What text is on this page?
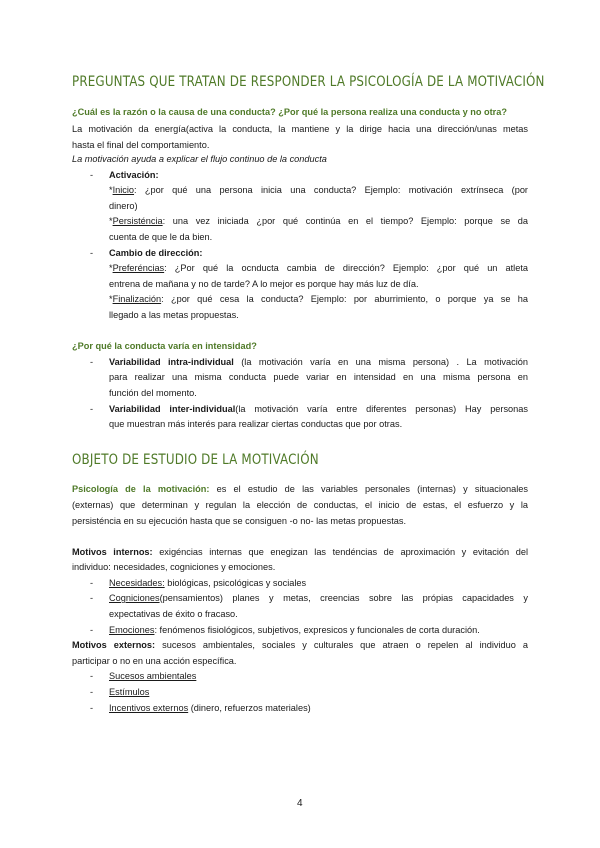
PREGUNTAS QUE TRATAN DE RESPONDER LA PSICOLOGÍA DE LA MOTIVACIÓN
¿Cuál es la razón o la causa de una conducta? ¿Por qué la persona realiza una conducta y no otra?
La motivación da energía(activa la conducta, la mantiene y la dirige hacia una dirección/unas metas
hasta el final del comportamiento.
La motivación ayuda a explicar el flujo continuo de la conducta
- Activación:
*Inicio: ¿por qué una persona inicia una conducta? Ejemplo: motivación extrínseca (por
dinero)
*Persisténcia: una vez iniciada ¿por qué continúa en el tiempo? Ejemplo: porque se da
cuenta de que le da bien.
- Cambio de dirección:
*Preferéncias: ¿Por qué la ocnducta cambia de dirección? Ejemplo: ¿por qué un atleta
entrena de mañana y no de tarde? A lo mejor es porque hay más luz de día.
*Finalización: ¿por qué cesa la conducta? Ejemplo: por aburrimiento, o porque ya se ha
llegado a las metas propuestas.
¿Por qué la conducta varía en intensidad?
- Variabilidad intra-individual (la motivación varía en una misma persona) . La motivación
para realizar una misma conducta puede variar en intensidad en una misma persona en
función del momento.
- Variabilidad inter-individual(la motivación varía entre diferentes personas) Hay personas
que muestran más interés para realizar ciertas conductas que por otras.
OBJETO DE ESTUDIO DE LA MOTIVACIÓN
Psicología de la motivación: es el estudio de las variables personales (internas) y situacionales
(externas) que determinan y regulan la elección de conductas, el inicio de estas, el esfuerzo y la
persisténcia en su ejecución hasta que se consiguen -o no- las metas propuestas.
Motivos internos: exigéncias internas que enegizan las tendéncias de aproximación y evitación del
individuo: necesidades, cogniciones y emociones.
- Necesidades: biológicas, psicológicas y sociales
- Cogniciones(pensamientos) planes y metas, creencias sobre las própias capacidades y
expectativas de éxito o fracaso.
- Emociones: fenómenos fisiológicos, subjetivos, expresicos y funcionales de corta duración.
Motivos externos: sucesos ambientales, sociales y culturales que atraen o repelen al individuo a
participar o no en una acción específica.
- Sucesos ambientales
- Estímulos
- Incentivos externos (dinero, refuerzos materiales)
4
